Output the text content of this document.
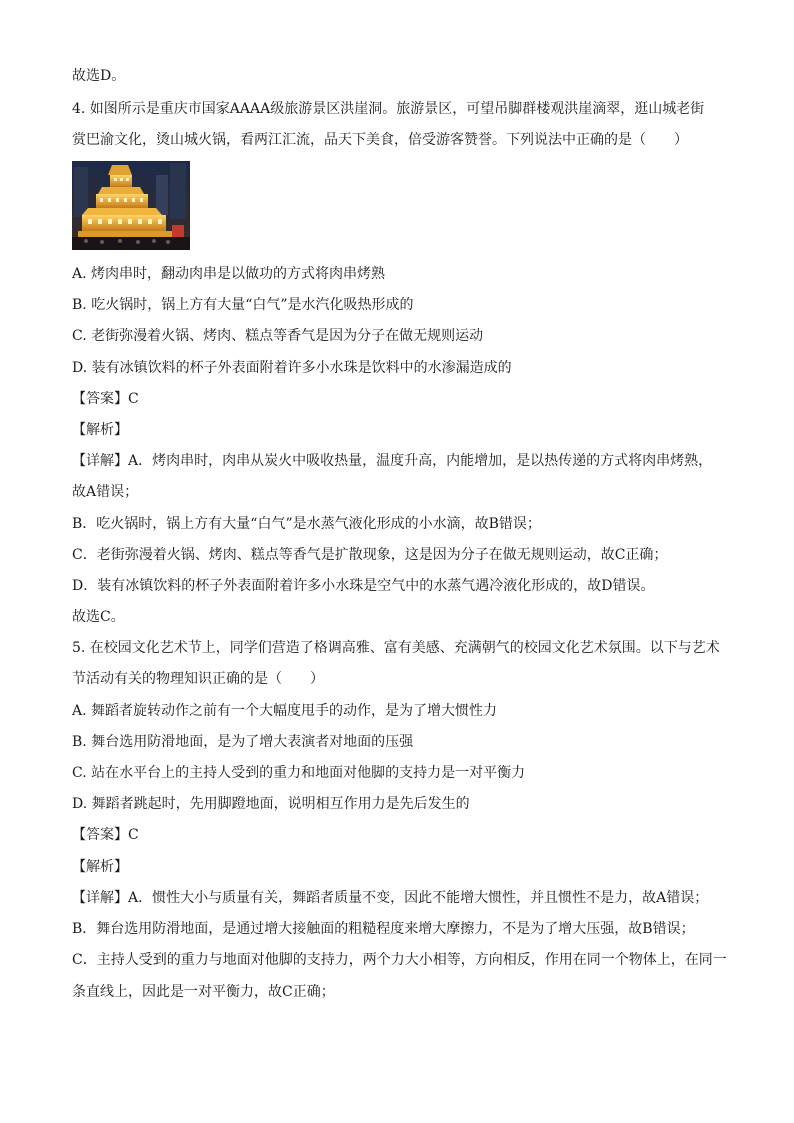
故选D。
4. 如图所示是重庆市国家AAAA级旅游景区洪崖洞。旅游景区，可望吊脚群楼观洪崖滴翠，逛山城老街
赏巴渝文化，烫山城火锅，看两江汇流，品天下美食，倍受游客赞誉。下列说法中正确的是（　　）
A. 烤肉串时，翻动肉串是以做功的方式将肉串烤熟
B. 吃火锅时，锅上方有大量“白气”是水汽化吸热形成的
C. 老街弥漫着火锅、烤肉、糕点等香气是因为分子在做无规则运动
D. 装有冰镇饮料的杯子外表面附着许多小水珠是饮料中的水渗漏造成的
【答案】C
【解析】
【详解】A．烤肉串时，肉串从炭火中吸收热量，温度升高，内能增加，是以热传递的方式将肉串烤熟，
故A错误；
B．吃火锅时，锅上方有大量“白气”是水蒸气液化形成的小水滴，故B错误；
C．老街弥漫着火锅、烤肉、糕点等香气是扩散现象，这是因为分子在做无规则运动，故C正确；
D．装有冰镇饮料的杯子外表面附着许多小水珠是空气中的水蒸气遇冷液化形成的，故D错误。
故选C。
5. 在校园文化艺术节上，同学们营造了格调高雅、富有美感、充满朝气的校园文化艺术氛围。以下与艺术
节活动有关的物理知识正确的是（　　）
A. 舞蹈者旋转动作之前有一个大幅度甩手的动作，是为了增大惯性力
B. 舞台选用防滑地面，是为了增大表演者对地面的压强
C. 站在水平台上的主持人受到的重力和地面对他脚的支持力是一对平衡力
D. 舞蹈者跳起时，先用脚蹬地面，说明相互作用力是先后发生的
【答案】C
【解析】
【详解】A．惯性大小与质量有关，舞蹈者质量不变，因此不能增大惯性，并且惯性不是力，故A错误；
B．舞台选用防滑地面，是通过增大接触面的粗糙程度来增大摩擦力，不是为了增大压强，故B错误；
C．主持人受到的重力与地面对他脚的支持力，两个力大小相等，方向相反，作用在同一个物体上，在同一
条直线上，因此是一对平衡力，故C正确；
